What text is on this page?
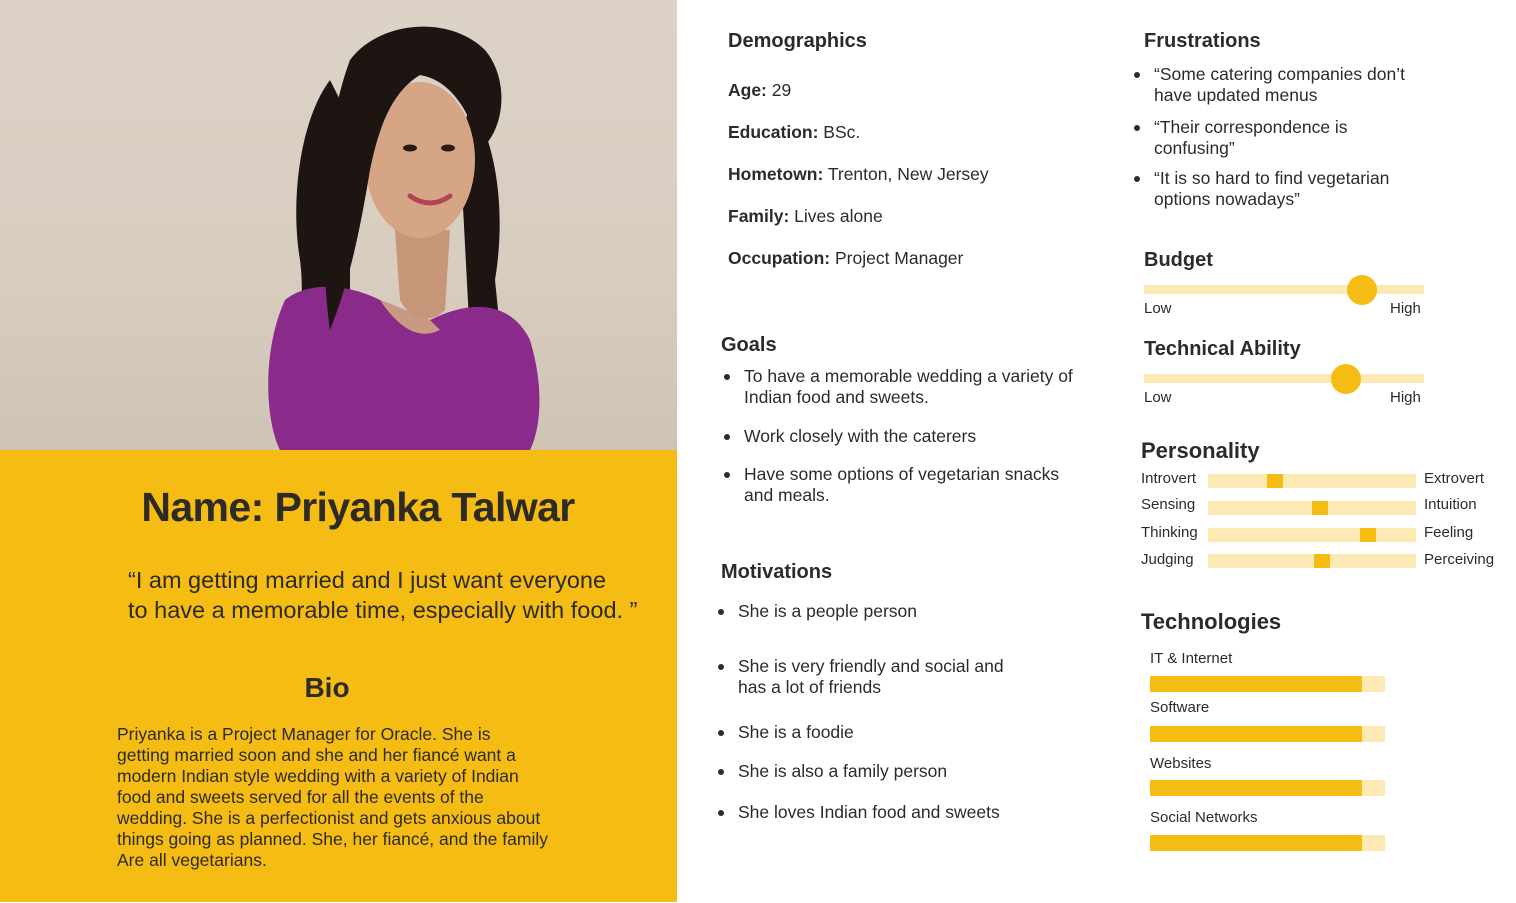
Name: Priyanka Talwar
“I am getting married and I just want everyone
to have a memorable time, especially with food. ”
Bio
Priyanka is a Project Manager for Oracle. She is
getting married soon and she and her fiancé want a
modern Indian style wedding with a variety of Indian
food and sweets served for all the events of the
wedding. She is a perfectionist and gets anxious about
things going as planned. She, her fiancé, and the family
Are all vegetarians.
Demographics
Age: 29
Education: BSc.
Hometown: Trenton, New Jersey
Family: Lives alone
Occupation: Project Manager
Goals
To have a memorable wedding a variety of
Indian food and sweets.
Work closely with the caterers
Have some options of vegetarian snacks
and meals.
Motivations
She is a people person
She is very friendly and social and
has a lot of friends
She is a foodie
She is also a family person
She loves Indian food and sweets
Frustrations
“Some catering companies don’t
have updated menus
“Their correspondence is
confusing”
“It is so hard to find vegetarian
options nowadays”
Budget
Low	High
Technical Ability
Low	High
Personality
Introvert	Extrovert
Sensing	Intuition
Thinking	Feeling
Judging	Perceiving
Technologies
IT & Internet
Software
Websites
Social Networks
